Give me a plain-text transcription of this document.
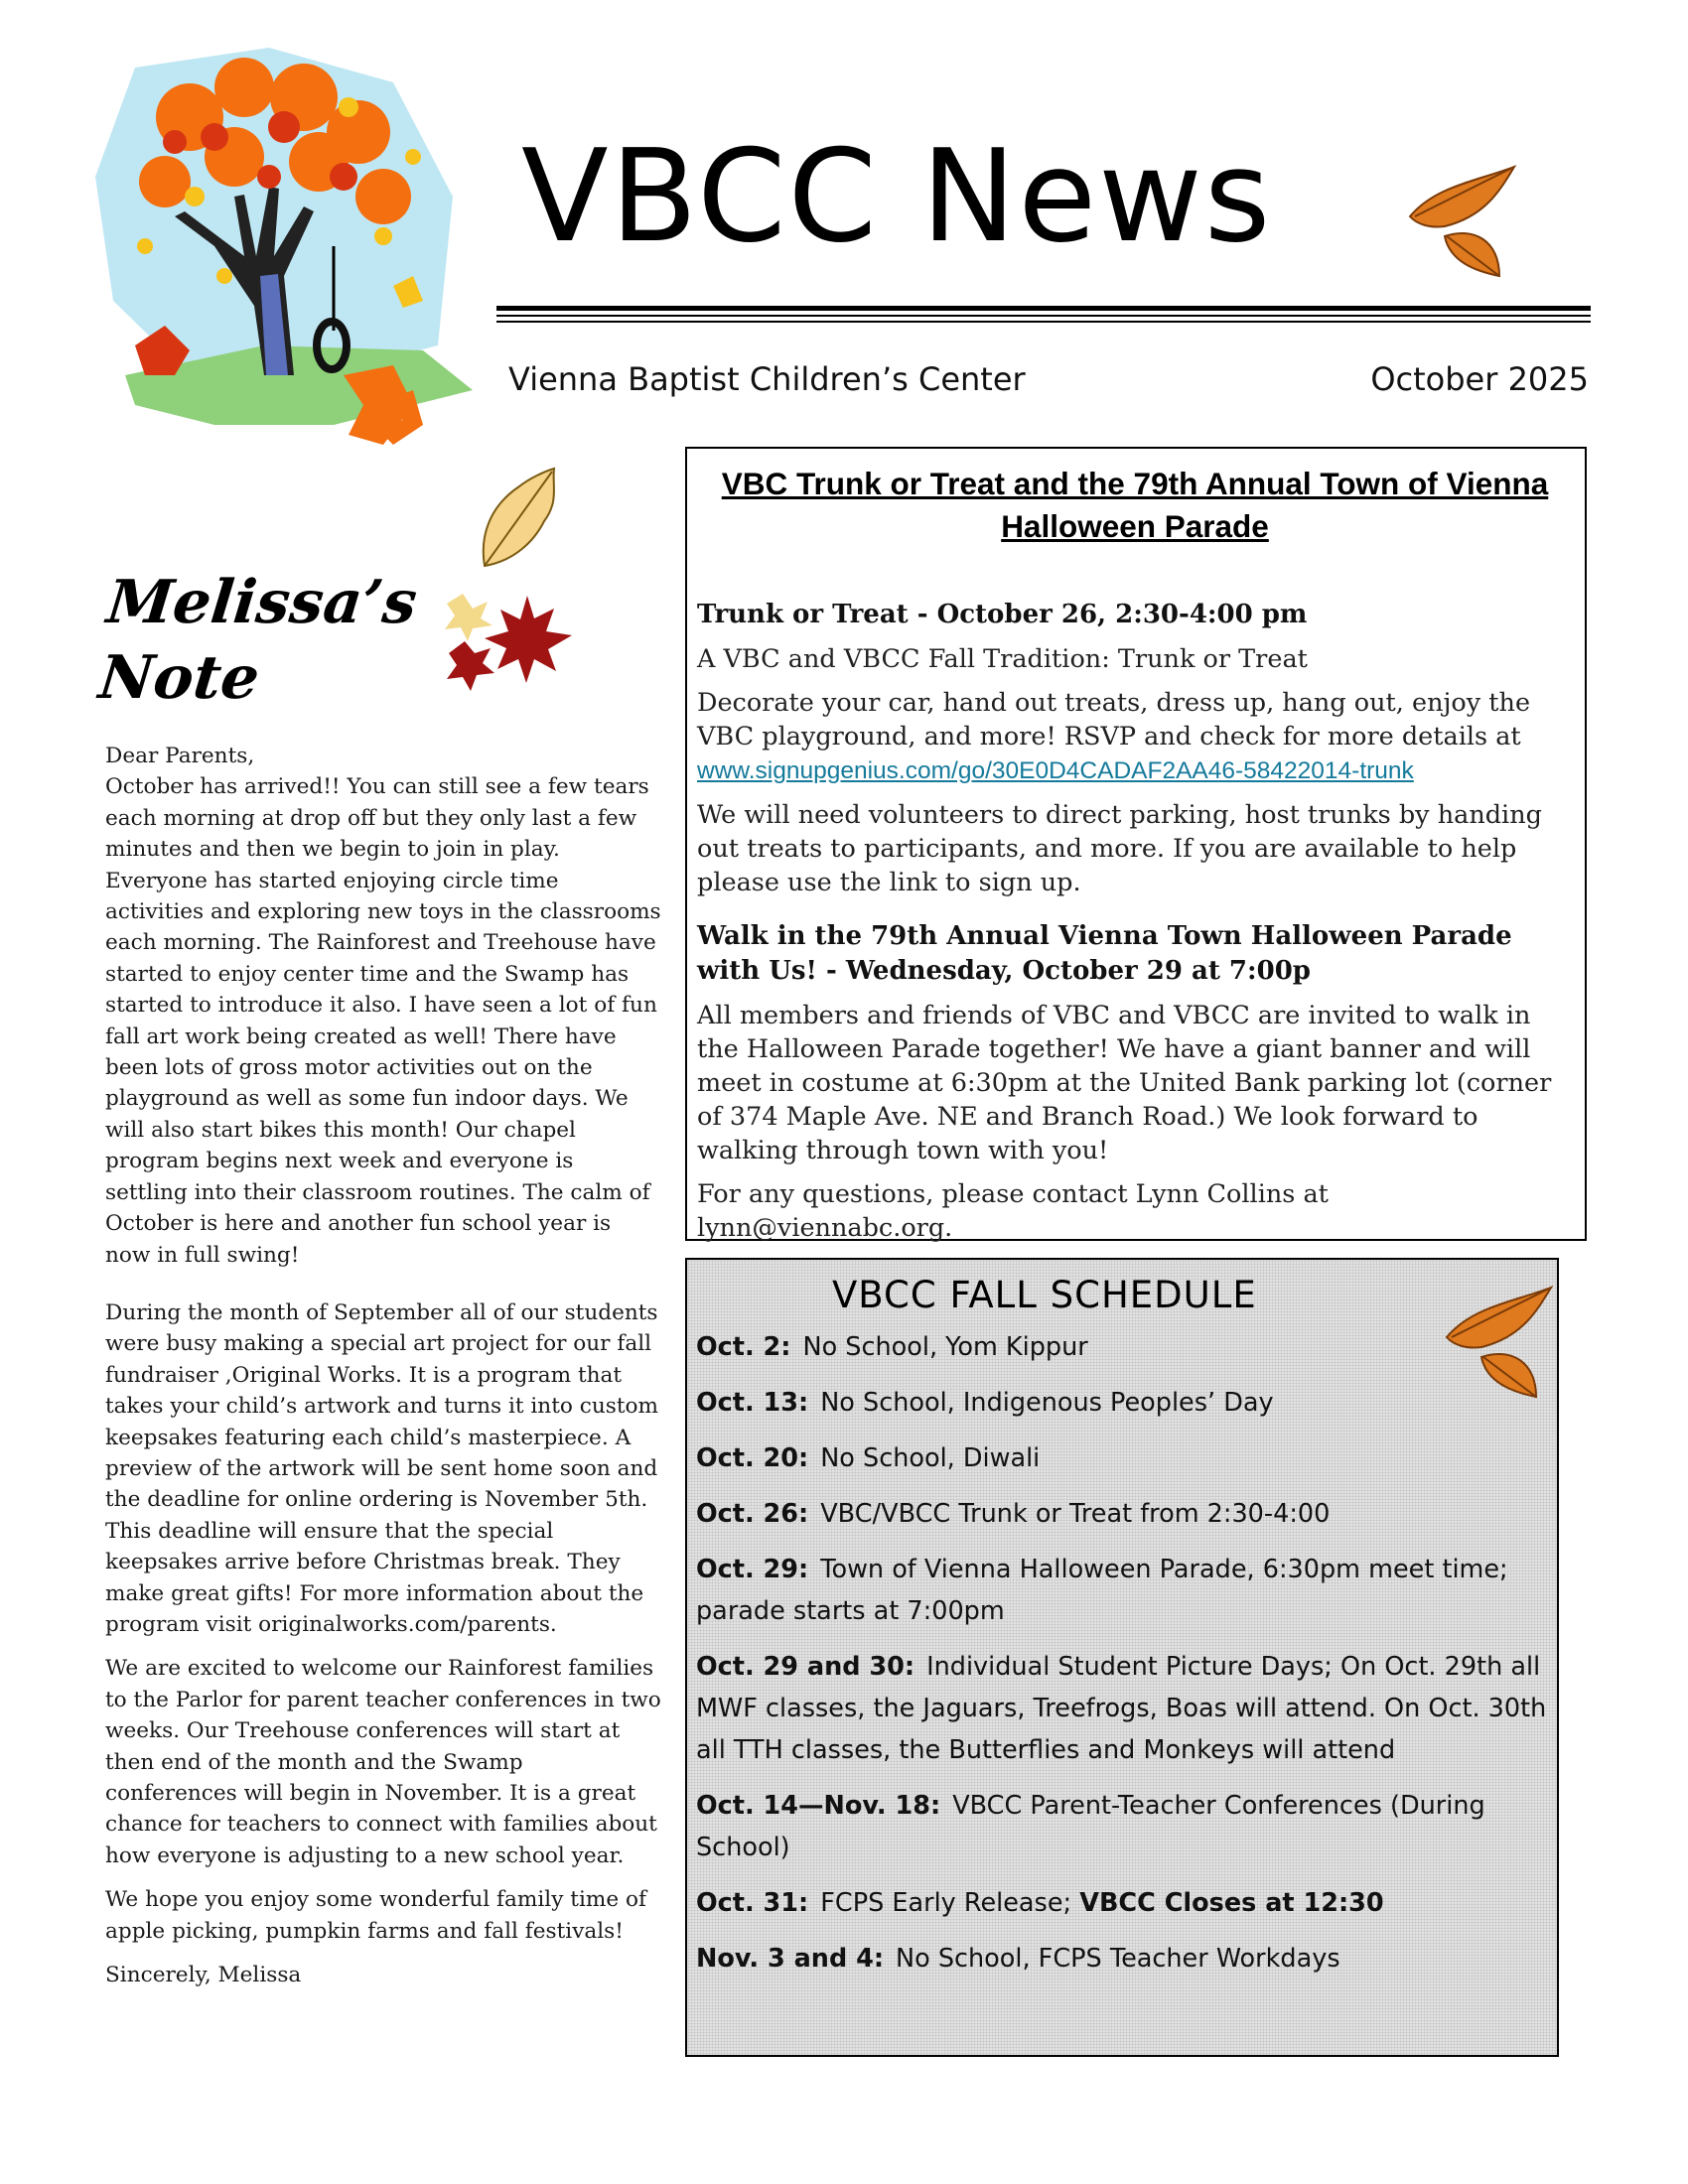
VBCC News
Vienna Baptist Children’s Center	October 2025
Melissa’s
Note
Dear Parents,

October has arrived!! You can still see a few tears each morning at drop off but they only last a few minutes and then we begin to join in play. Everyone has started enjoying circle time activities and exploring new toys in the classrooms each morning. The Rainforest and Treehouse have started to enjoy center time and the Swamp has started to introduce it also. I have seen a lot of fun fall art work being created as well! There have been lots of gross motor activities out on the playground as well as some fun indoor days. We will also start bikes this month! Our chapel program begins next week and everyone is settling into their classroom routines. The calm of October is here and another fun school year is now in full swing!

During the month of September all of our students were busy making a special art project for our fall fundraiser ,Original Works. It is a program that takes your child’s artwork and turns it into custom keepsakes featuring each child’s masterpiece. A preview of the artwork will be sent home soon and the deadline for online ordering is November 5th. This deadline will ensure that the special keepsakes arrive before Christmas break. They make great gifts! For more information about the program visit originalworks.com/parents.

We are excited to welcome our Rainforest families to the Parlor for parent teacher conferences in two weeks. Our Treehouse conferences will start at then end of the month and the Swamp conferences will begin in November. It is a great chance for teachers to connect with families about how everyone is adjusting to a new school year.

We hope you enjoy some wonderful family time of apple picking, pumpkin farms and fall festivals!

Sincerely, Melissa

VBC Trunk or Treat and the 79th Annual Town of Vienna Halloween Parade
Trunk or Treat - October 26, 2:30-4:00 pm

A VBC and VBCC Fall Tradition: Trunk or Treat

Decorate your car, hand out treats, dress up, hang out, enjoy the VBC playground, and more! RSVP and check for more details at
www.signupgenius.com/go/30E0D4CADAF2AA46-58422014-trunk

We will need volunteers to direct parking, host trunks by handing out treats to participants, and more. If you are available to help please use the link to sign up.

Walk in the 79th Annual Vienna Town Halloween Parade with Us! - Wednesday, October 29 at 7:00p

All members and friends of VBC and VBCC are invited to walk in the Halloween Parade together! We have a giant banner and will meet in costume at 6:30pm at the United Bank parking lot (corner of 374 Maple Ave. NE and Branch Road.) We look forward to walking through town with you!

For any questions, please contact Lynn Collins at lynn@viennabc.org.

VBCC FALL SCHEDULE
Oct. 2: No School, Yom Kippur
Oct. 13: No School, Indigenous Peoples’ Day
Oct. 20: No School, Diwali
Oct. 26: VBC/VBCC Trunk or Treat from 2:30-4:00
Oct. 29: Town of Vienna Halloween Parade, 6:30pm meet time; parade starts at 7:00pm
Oct. 29 and 30: Individual Student Picture Days; On Oct. 29th all MWF classes, the Jaguars, Treefrogs, Boas will attend. On Oct. 30th all TTH classes, the Butterflies and Monkeys will attend
Oct. 14—Nov. 18: VBCC Parent-Teacher Conferences (During School)
Oct. 31: FCPS Early Release; VBCC Closes at 12:30
Nov. 3 and 4: No School, FCPS Teacher Workdays
